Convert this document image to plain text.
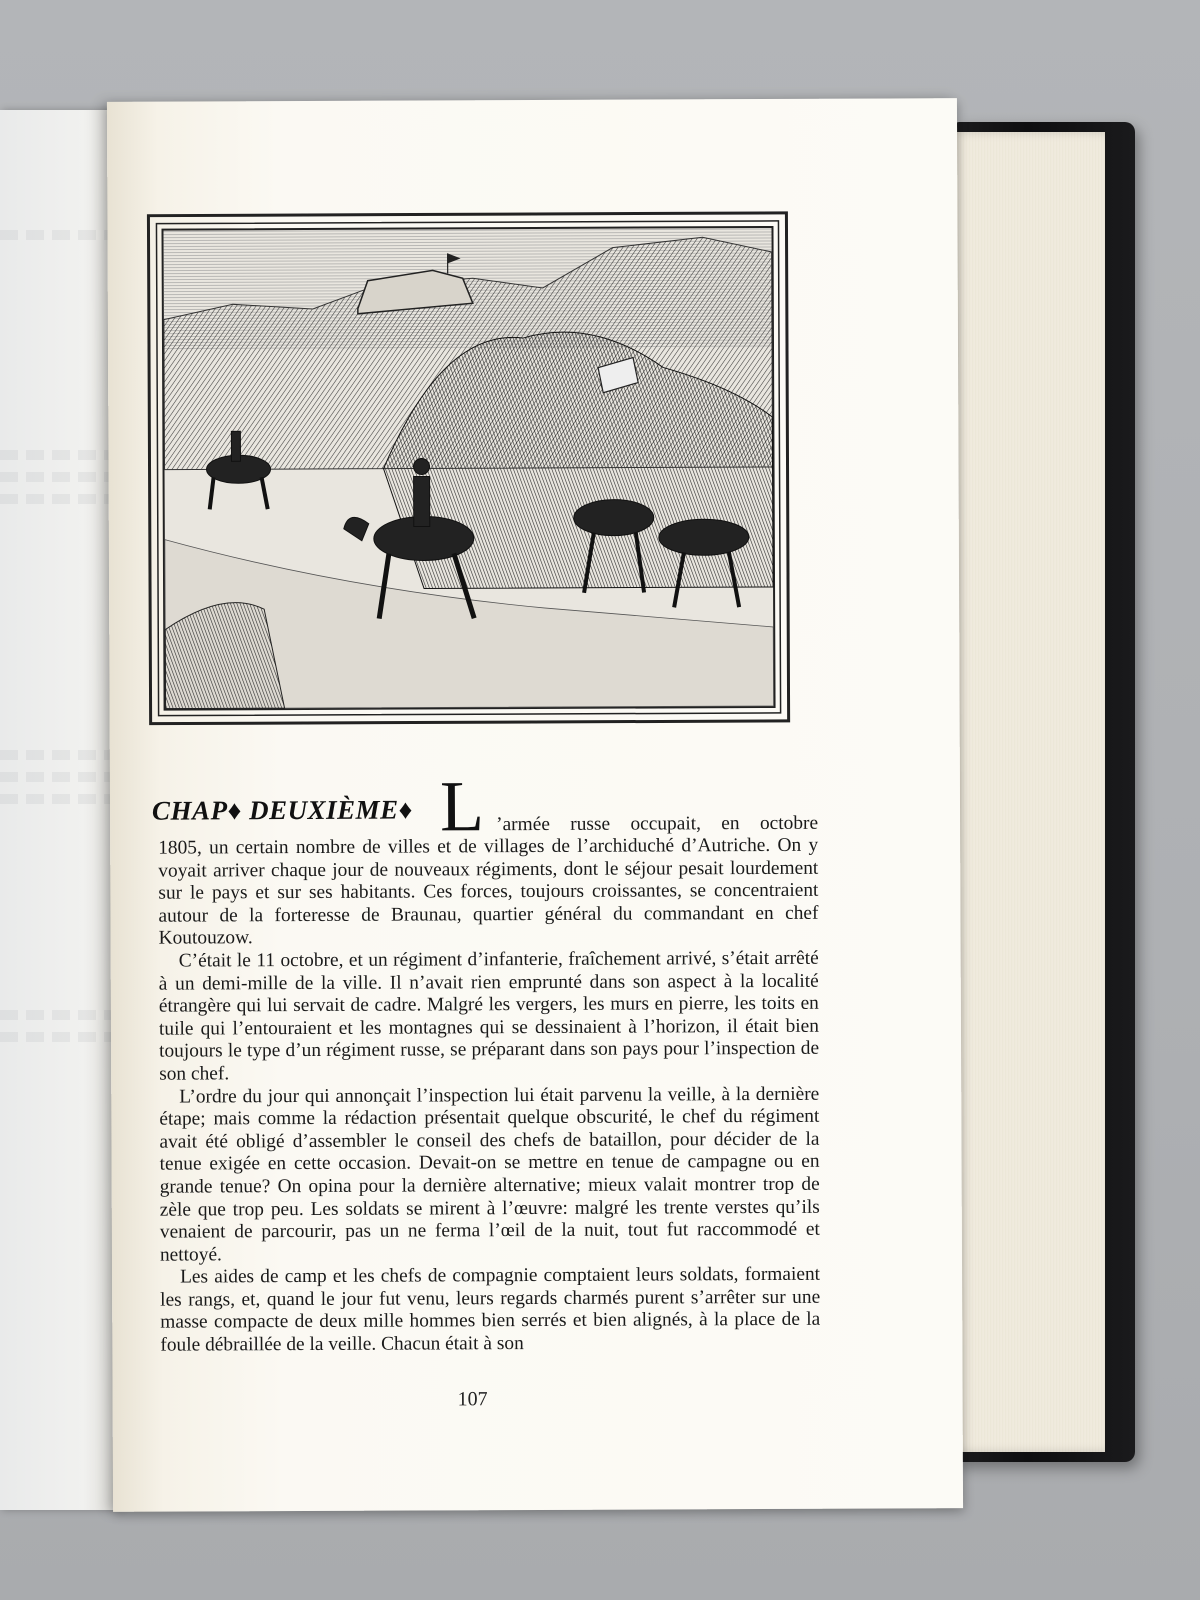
CHAP♦ DEUXIÈME♦ L ’armée russe occupait, en octobre

1805, un certain nombre de villes et de villages de l’archiduché d’Autriche. On y voyait arriver chaque jour de nouveaux régiments, dont le séjour pesait lourdement sur le pays et sur ses habitants. Ces forces, toujours croissantes, se concentraient autour de la forteresse de Braunau, quartier général du commandant en chef Koutouzow.

C’était le 11 octobre, et un régiment d’infanterie, fraîchement arrivé, s’était arrêté à un demi-mille de la ville. Il n’avait rien emprunté dans son aspect à la localité étrangère qui lui servait de cadre. Malgré les vergers, les murs en pierre, les toits en tuile qui l’entouraient et les montagnes qui se dessinaient à l’horizon, il était bien toujours le type d’un régiment russe, se préparant dans son pays pour l’inspection de son chef.

L’ordre du jour qui annonçait l’inspection lui était parvenu la veille, à la dernière étape; mais comme la rédaction présentait quelque obscurité, le chef du régiment avait été obligé d’assembler le conseil des chefs de bataillon, pour décider de la tenue exigée en cette occasion. Devait-on se mettre en tenue de campagne ou en grande tenue? On opina pour la dernière alternative; mieux valait montrer trop de zèle que trop peu. Les soldats se mirent à l’œuvre: malgré les trente verstes qu’ils venaient de parcourir, pas un ne ferma l’œil de la nuit, tout fut raccommodé et nettoyé.

Les aides de camp et les chefs de compagnie comptaient leurs soldats, formaient les rangs, et, quand le jour fut venu, leurs regards charmés purent s’arrêter sur une masse compacte de deux mille hommes bien serrés et bien alignés, à la place de la foule débraillée de la veille. Chacun était à son

107
